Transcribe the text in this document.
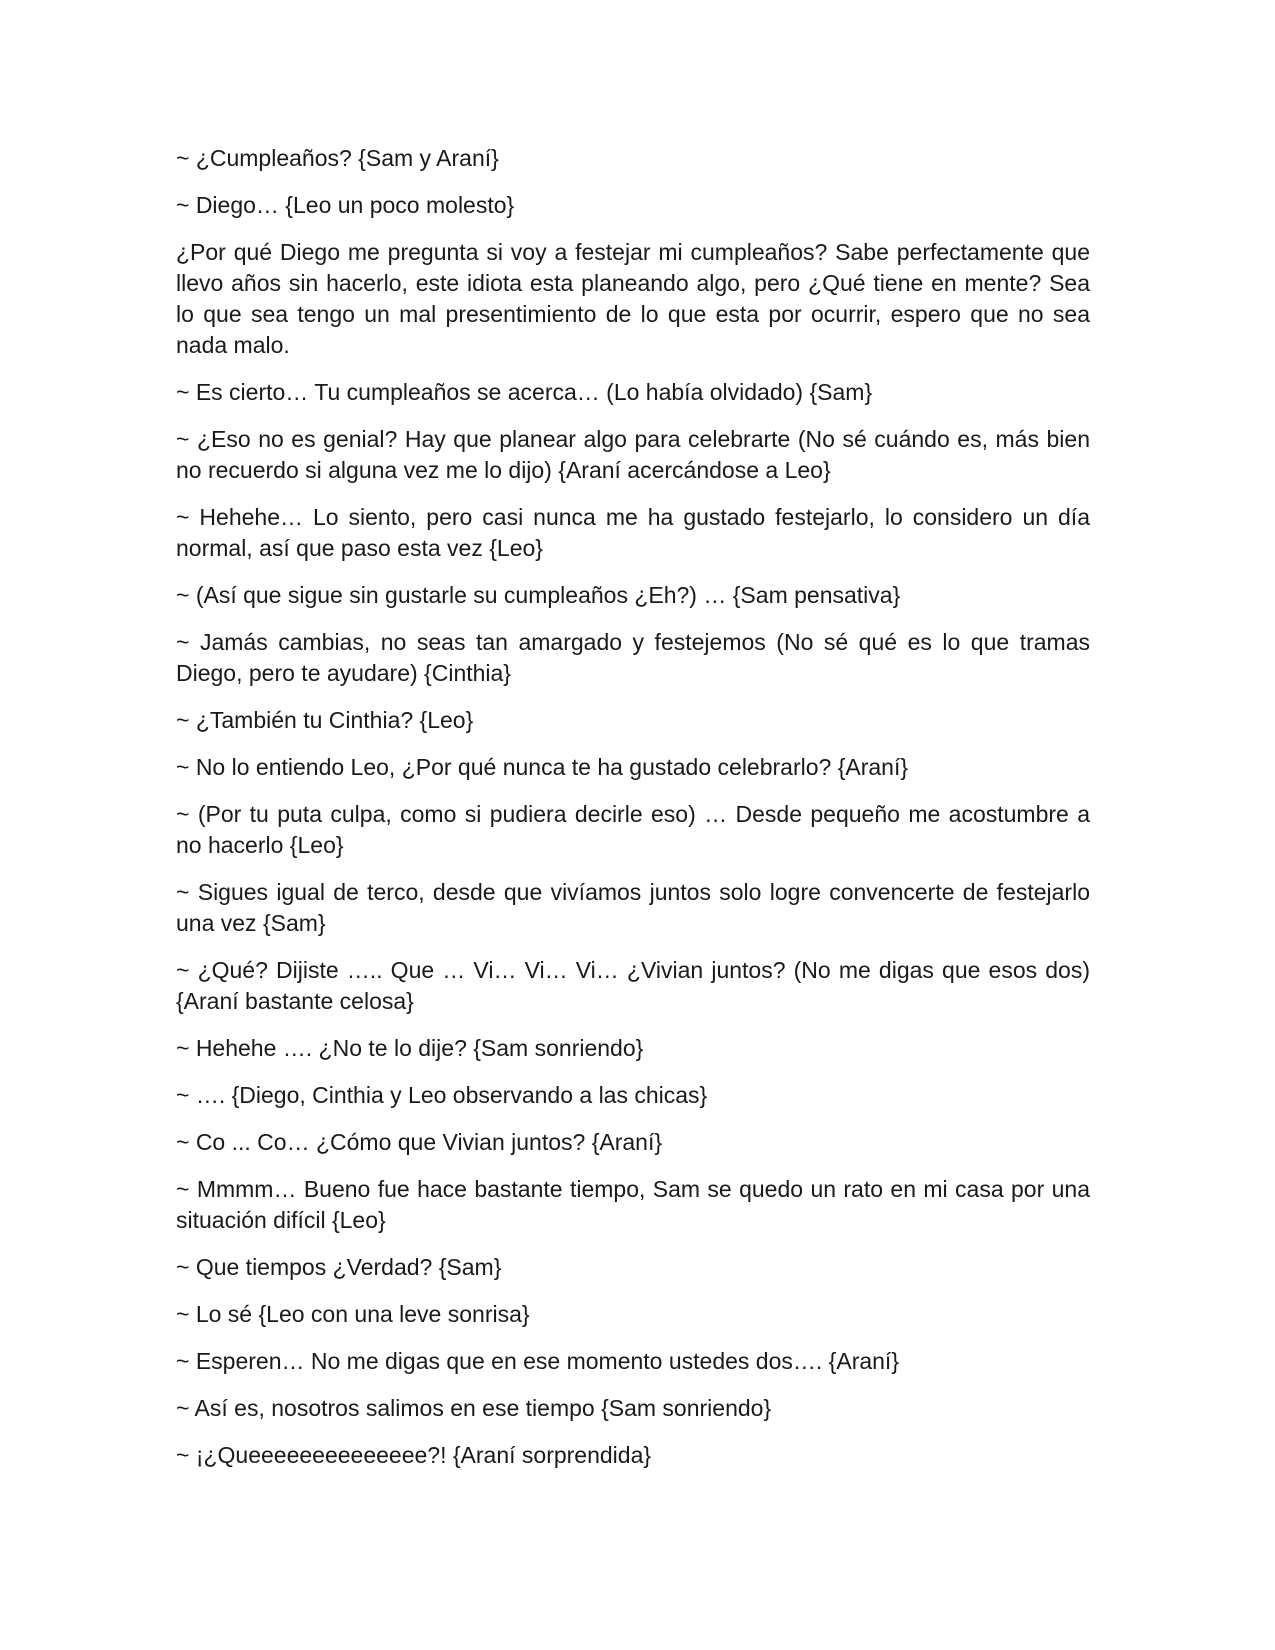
~ ¿Cumpleaños? {Sam y Araní}

~ Diego… {Leo un poco molesto}

¿Por qué Diego me pregunta si voy a festejar mi cumpleaños? Sabe perfectamente que llevo años sin hacerlo, este idiota esta planeando algo, pero ¿Qué tiene en mente? Sea lo que sea tengo un mal presentimiento de lo que esta por ocurrir, espero que no sea nada malo.

~ Es cierto… Tu cumpleaños se acerca… (Lo había olvidado) {Sam}

~ ¿Eso no es genial? Hay que planear algo para celebrarte (No sé cuándo es, más bien no recuerdo si alguna vez me lo dijo) {Araní acercándose a Leo}

~ Hehehe… Lo siento, pero casi nunca me ha gustado festejarlo, lo considero un día normal, así que paso esta vez {Leo}

~ (Así que sigue sin gustarle su cumpleaños ¿Eh?) … {Sam pensativa}

~ Jamás cambias, no seas tan amargado y festejemos (No sé qué es lo que tramas Diego, pero te ayudare) {Cinthia}

~ ¿También tu Cinthia? {Leo}

~ No lo entiendo Leo, ¿Por qué nunca te ha gustado celebrarlo? {Araní}

~ (Por tu puta culpa, como si pudiera decirle eso) … Desde pequeño me acostumbre a no hacerlo {Leo}

~ Sigues igual de terco, desde que vivíamos juntos solo logre convencerte de festejarlo una vez {Sam}

~ ¿Qué? Dijiste ….. Que … Vi… Vi… Vi… ¿Vivian juntos? (No me digas que esos dos) {Araní bastante celosa}

~ Hehehe …. ¿No te lo dije? {Sam sonriendo}

~ …. {Diego, Cinthia y Leo observando a las chicas}

~ Co ... Co… ¿Cómo que Vivian juntos? {Araní}

~ Mmmm… Bueno fue hace bastante tiempo, Sam se quedo un rato en mi casa por una situación difícil {Leo}

~ Que tiempos ¿Verdad? {Sam}

~ Lo sé {Leo con una leve sonrisa}

~ Esperen… No me digas que en ese momento ustedes dos…. {Araní}

~ Así es, nosotros salimos en ese tiempo {Sam sonriendo}

~ ¡¿Queeeeeeeeeeeeee?! {Araní sorprendida}
